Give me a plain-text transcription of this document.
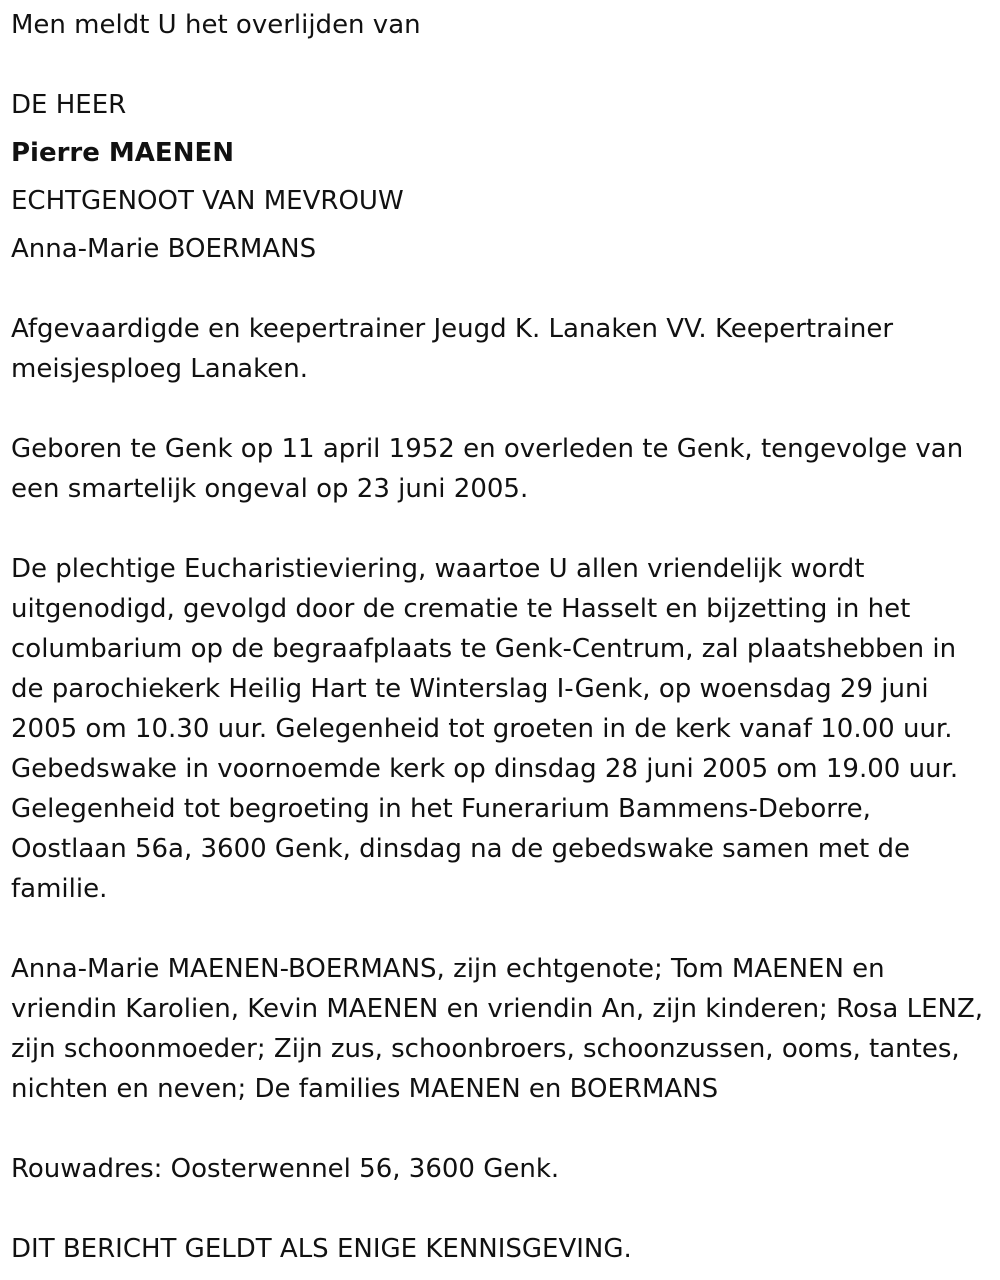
Men meldt U het overlijden van
DE HEER
Pierre MAENEN
ECHTGENOOT VAN MEVROUW
Anna-Marie BOERMANS
Afgevaardigde en keepertrainer Jeugd K. Lanaken VV. Keepertrainer meisjesploeg Lanaken.
Geboren te Genk op 11 april 1952 en overleden te Genk, tengevolge van een smartelijk ongeval op 23 juni 2005.
De plechtige Eucharistieviering, waartoe U allen vriendelijk wordt uitgenodigd, gevolgd door de crematie te Hasselt en bijzetting in het columbarium op de begraafplaats te Genk-Centrum, zal plaatshebben in de parochiekerk Heilig Hart te Winterslag I-Genk, op woensdag 29 juni 2005 om 10.30 uur. Gelegenheid tot groeten in de kerk vanaf 10.00 uur. Gebedswake in voornoemde kerk op dinsdag 28 juni 2005 om 19.00 uur. Gelegenheid tot begroeting in het Funerarium Bammens-Deborre, Oostlaan 56a, 3600 Genk, dinsdag na de gebedswake samen met de familie.
Anna-Marie MAENEN-BOERMANS, zijn echtgenote; Tom MAENEN en vriendin Karolien, Kevin MAENEN en vriendin An, zijn kinderen; Rosa LENZ, zijn schoonmoeder; Zijn zus, schoonbroers, schoonzussen, ooms, tantes, nichten en neven; De families MAENEN en BOERMANS
Rouwadres: Oosterwennel 56, 3600 Genk.
DIT BERICHT GELDT ALS ENIGE KENNISGEVING.
